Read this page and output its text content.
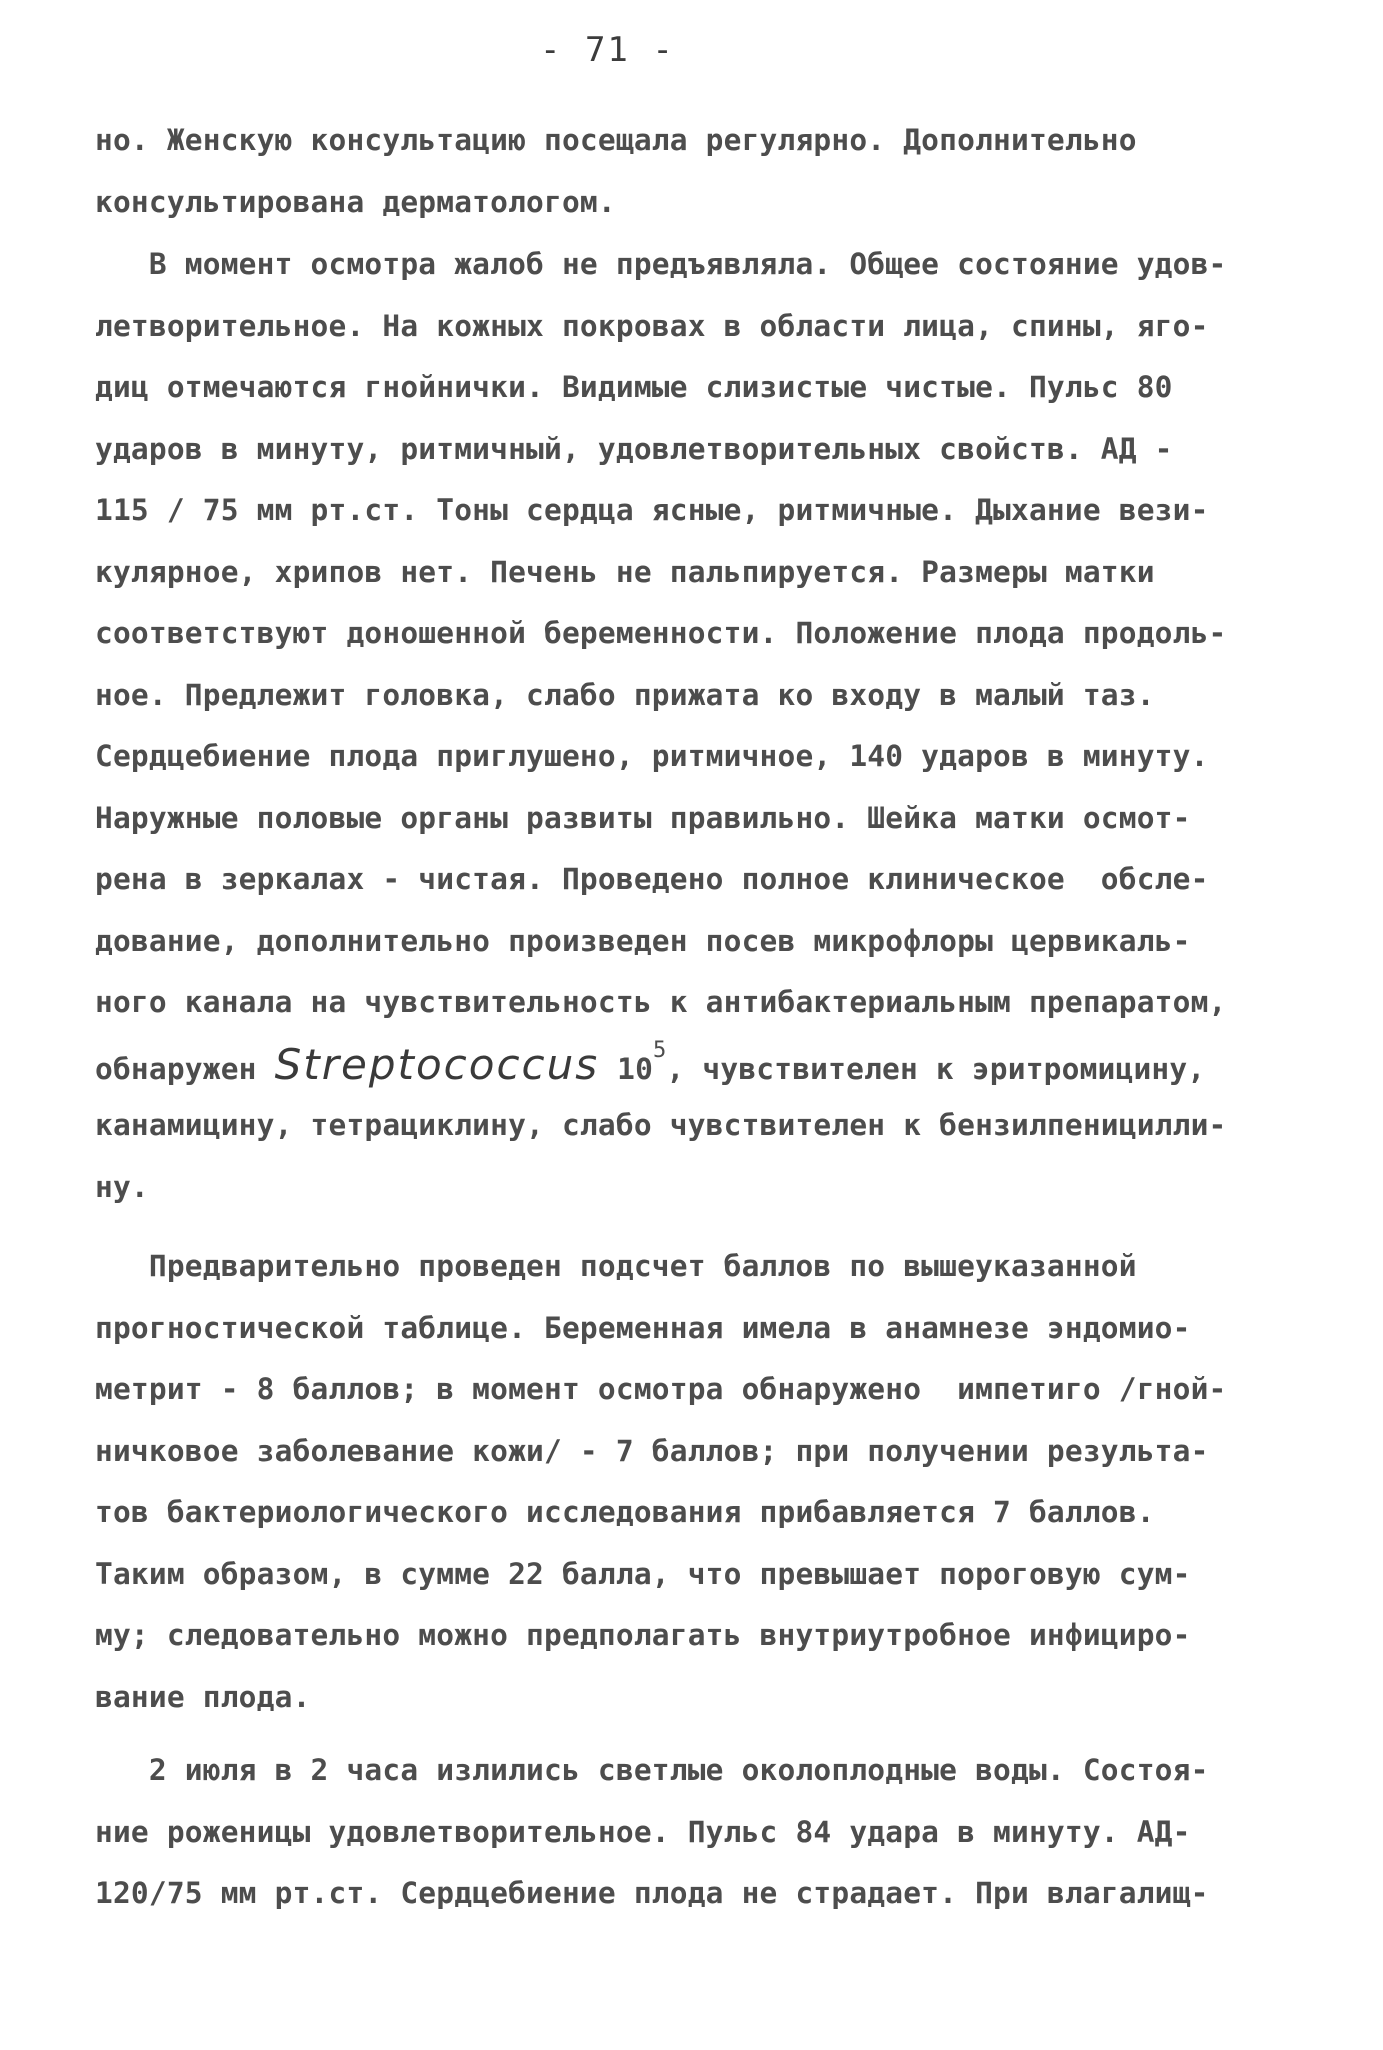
- 71 -
но. Женскую консультацию посещала регулярно. Дополнительно
консультирована дерматологом.
В момент осмотра жалоб не предъявляла. Общее состояние удов-
летворительное. На кожных покровах в области лица, спины, яго-
диц отмечаются гнойнички. Видимые слизистые чистые. Пульс 80
ударов в минуту, ритмичный, удовлетворительных свойств. АД -
115 / 75 мм рт.ст. Тоны сердца ясные, ритмичные. Дыхание вези-
кулярное, хрипов нет. Печень не пальпируется. Размеры матки
соответствуют доношенной беременности. Положение плода продоль-
ное. Предлежит головка, слабо прижата ко входу в малый таз.
Сердцебиение плода приглушено, ритмичное, 140 ударов в минуту.
Наружные половые органы развиты правильно. Шейка матки осмот-
рена в зеркалах - чистая. Проведено полное клиническое  обсле-
дование, дополнительно произведен посев микрофлоры цервикаль-
ного канала на чувствительность к антибактериальным препаратом,
обнаружен Streptococcus $10^5$, чувствителен к эритромицину,
канамицину, тетрациклину, слабо чувствителен к бензилпеницилли-
ну.
Предварительно проведен подсчет баллов по вышеуказанной
прогностической таблице. Беременная имела в анамнезе эндомио-
метрит - 8 баллов; в момент осмотра обнаружено  импетиго /гной-
ничковое заболевание кожи/ - 7 баллов; при получении результа-
тов бактериологического исследования прибавляется 7 баллов.
Таким образом, в сумме 22 балла, что превышает пороговую сум-
му; следовательно можно предполагать внутриутробное инфициро-
вание плода.
2 июля в 2 часа излились светлые околоплодные воды. Состоя-
ние роженицы удовлетворительное. Пульс 84 удара в минуту. АД-
120/75 мм рт.ст. Сердцебиение плода не страдает. При влагалищ-
